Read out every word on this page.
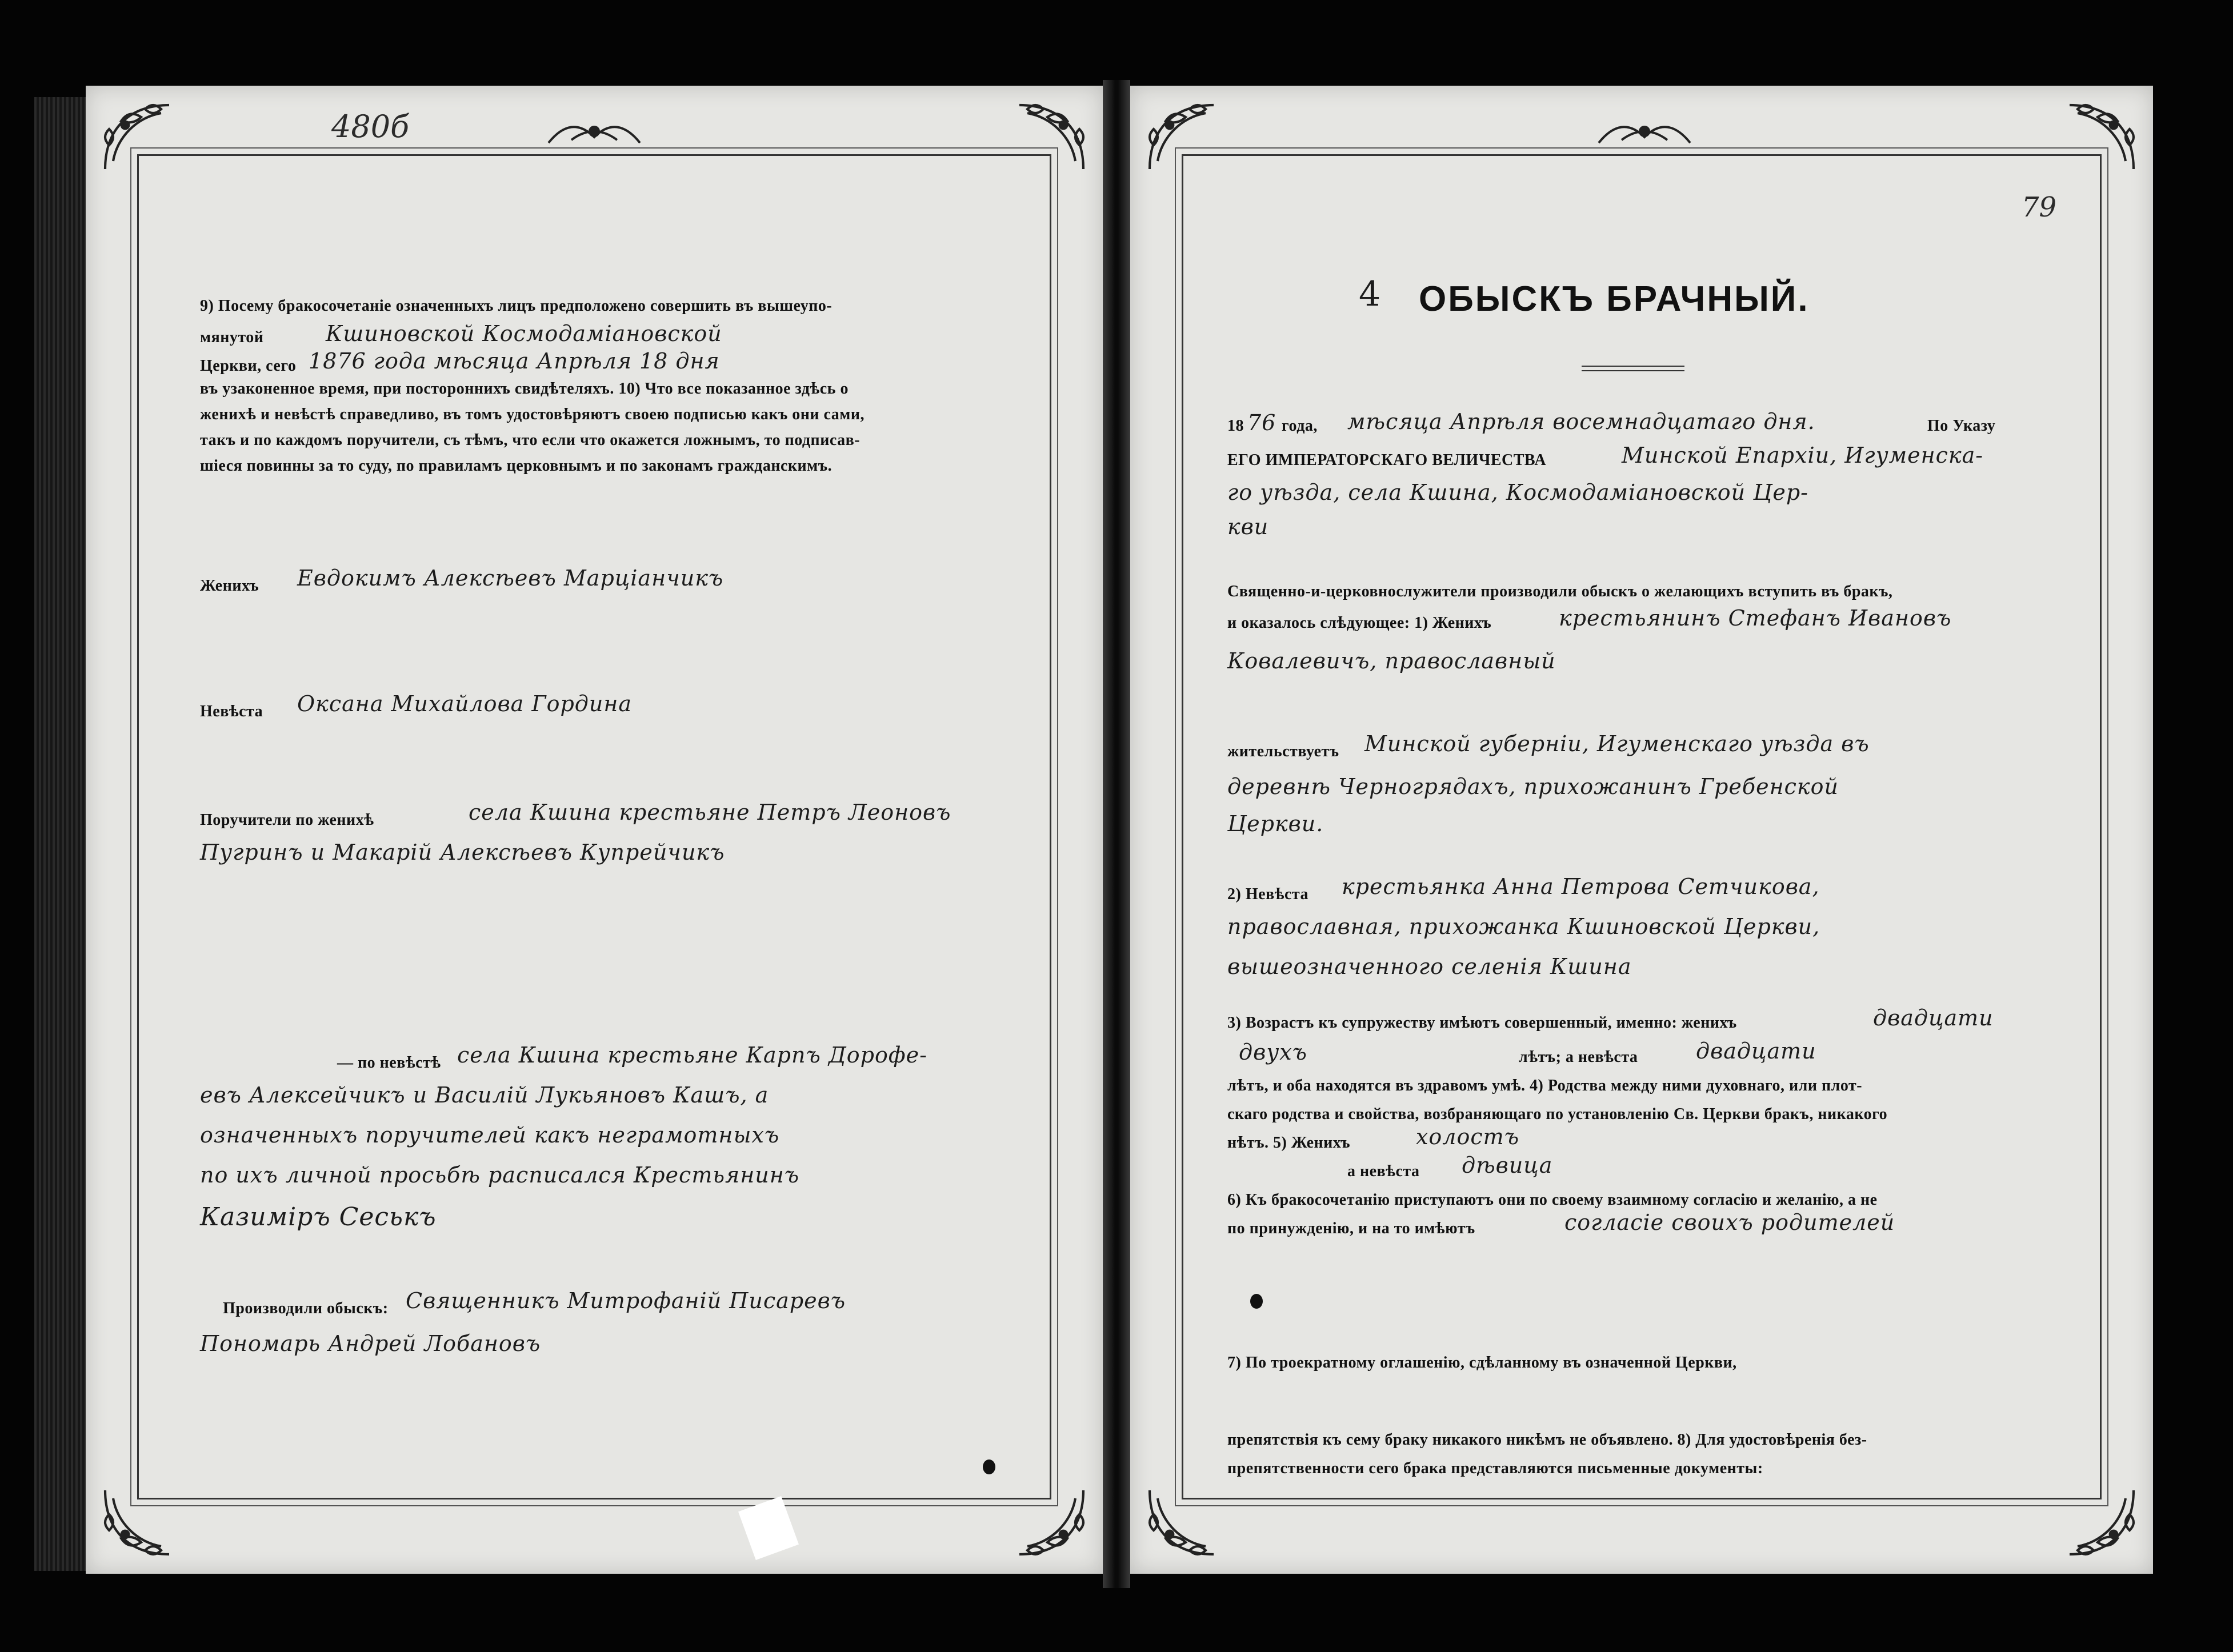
480б
9) Посему бракосочетаніе означенныхъ лицъ предположено совершить въ вышеупо-
мянутой	Кшиновской Космодаміановской
Церкви, сего 1876 года мѣсяца Апрѣля 18 дня
въ узаконенное время, при постороннихъ свидѣтеляхъ. 10) Что все показанное здѣсь о
женихѣ и невѣстѣ справедливо, въ томъ удостовѣряютъ своею подписью какъ они сами,
такъ и по каждомъ поручители, съ тѣмъ, что если что окажется ложнымъ, то подписав-
шіеся повинны за то суду, по правиламъ церковнымъ и по законамъ гражданскимъ.
Женихъ Евдокимъ Алексѣевъ Марціанчикъ
Невѣста Оксана Михайлова Гордина
Поручители по женихѣ	села Кшина крестьяне Петръ Леоновъ
Пугринъ и Макарій Алексѣевъ Купрейчикъ
— по невѣстѣ села Кшина крестьяне Карпъ Дорофе-
евъ Алексейчикъ и Василій Лукьяновъ Кашъ, а
означенныхъ поручителей какъ неграмотныхъ
по ихъ личной просьбѣ расписался Крестьянинъ
Казиміръ Сеськъ
Производили обыскъ: Священникъ Митрофаній Писаревъ
Пономарь Андрей Лобановъ
79
4 ОБЫСКЪ БРАЧНЫЙ.
18 76 года, мѣсяца Апрѣля восемнадцатаго дня.	По Указу
ЕГО ИМПЕРАТОРСКАГО ВЕЛИЧЕСТВА	Минской Епархіи, Игуменска-
го уѣзда, села Кшина, Космодаміановской Цер-
кви
Священно-и-церковнослужители производили обыскъ о желающихъ вступить въ бракъ,
и оказалось слѣдующее: 1) Женихъ	крестьянинъ Стефанъ Ивановъ
Ковалевичъ, православный
жительствуетъ Минской губерніи, Игуменскаго уѣзда въ
деревнѣ Черногрядахъ, прихожанинъ Гребенской
Церкви.
2) Невѣста крестьянка Анна Петрова Сетчикова,
православная, прихожанка Кшиновской Церкви,
вышеозначенного селенія Кшина
3) Возрастъ къ супружеству имѣютъ совершенный, именно: женихъ	двадцати
двухъ	лѣтъ; а невѣста	двадцати
лѣтъ, и оба находятся въ здравомъ умѣ. 4) Родства между ними духовнаго, или плот-
скаго родства и свойства, возбраняющаго по установленію Св. Церкви бракъ, никакого
нѣтъ. 5) Женихъ	холостъ
а невѣста дѣвица
6) Къ бракосочетанію приступаютъ они по своему взаимному согласію и желанію, а не
по принужденію, и на то имѣютъ	согласіе своихъ родителей
7) По троекратному оглашенію, сдѣланному въ означенной Церкви,
препятствія къ сему браку никакого никѣмъ не объявлено. 8) Для удостовѣренія без-
препятственности сего брака представляются письменные документы:
